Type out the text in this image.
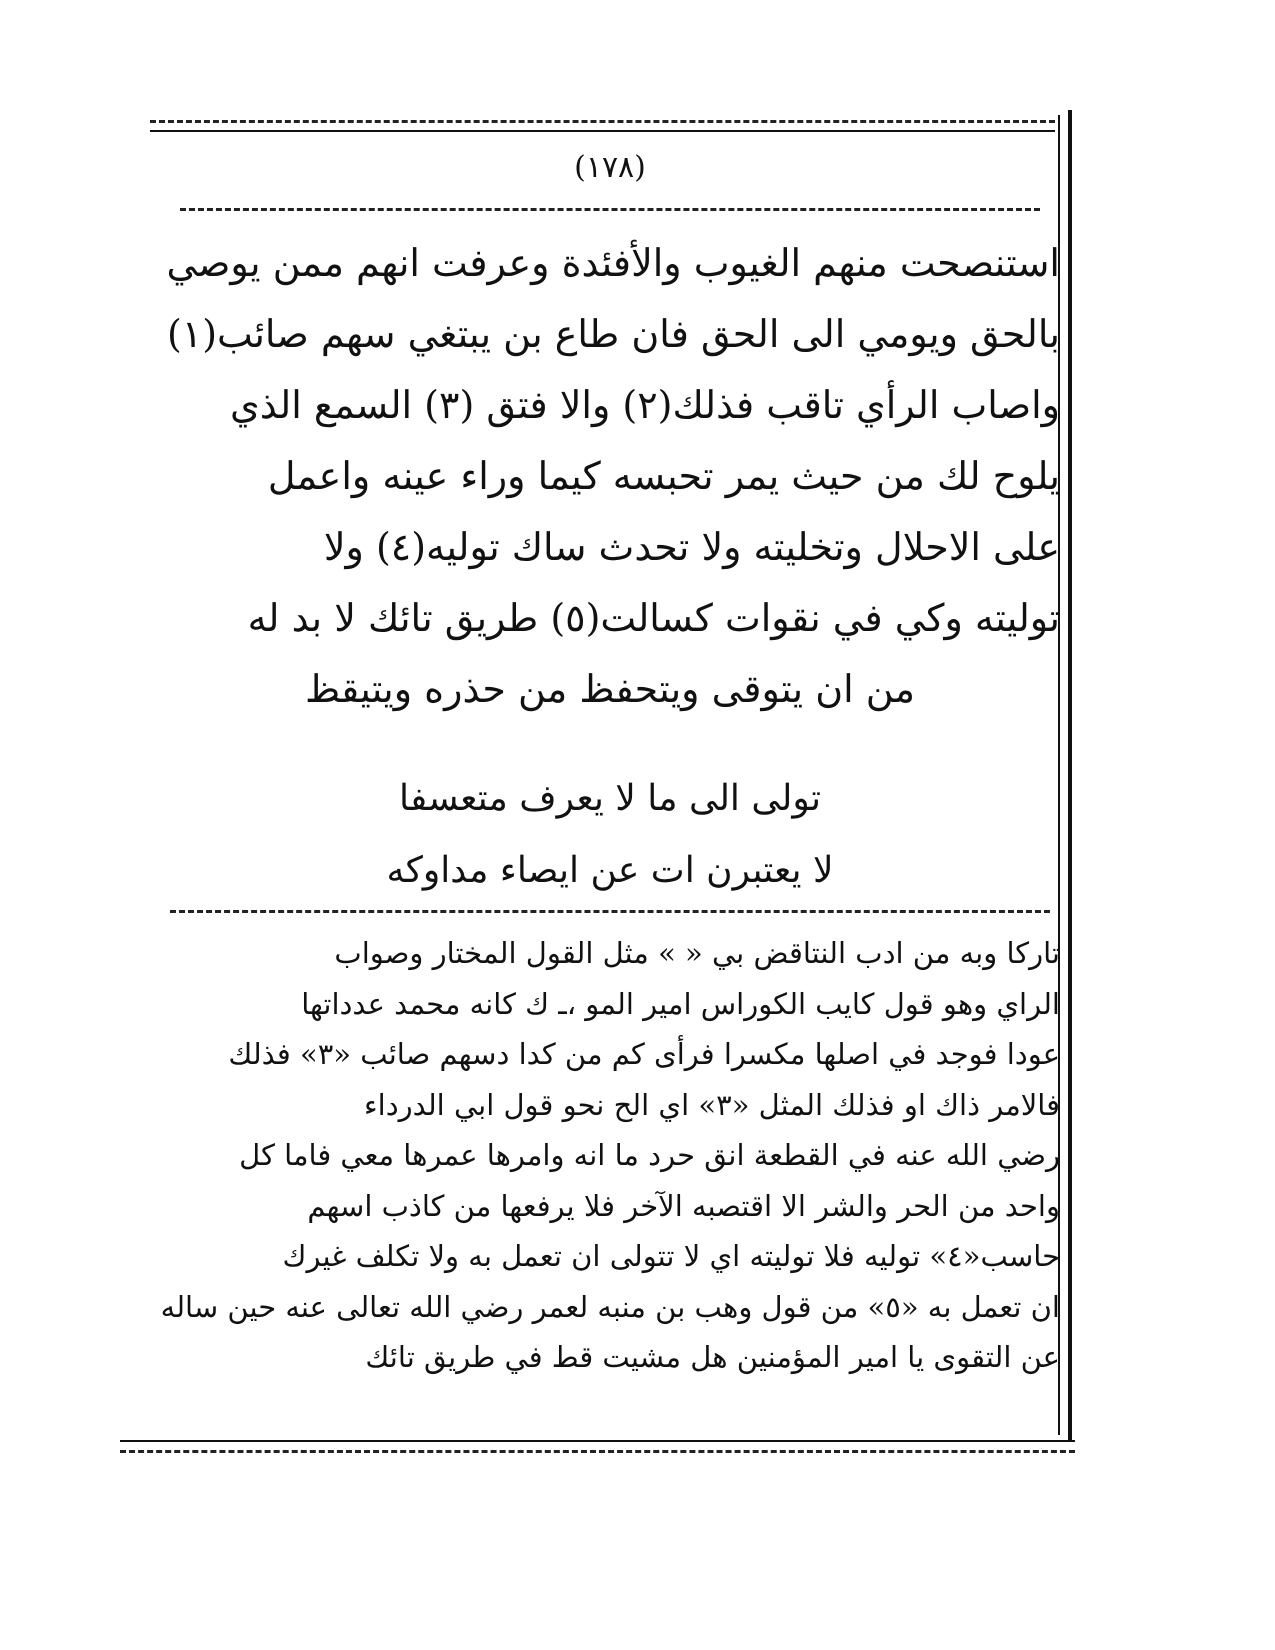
(١٧٨)

استنصحت منهم الغيوب والأفئدة وعرفت انهم ممن يوصي

بالحق ويومي الى الحق فان طاع بن يبتغي سهم صائب(١)

واصاب الرأي تاقب فذلك(٢) والا فتق (٣) السمع الذي

يلوح لك من حيث يمر تحبسه كيما وراء عينه واعمل

على الاحلال وتخليته ولا تحدث ساك توليه(٤) ولا

توليته وكي في نقوات كسالت(٥) طريق تائك لا بد له

من ان يتوقى ويتحفظ من حذره ويتيقظ

تولى الى ما لا يعرف متعسفا
لا يعتبرن ات عن ايصاء مداوكه

تاركا وبه من ادب النتاقض بي « » مثل القول المختار وصواب

الراي وهو قول كايب الكوراس امير المو ،ـ ك كانه محمد عدداتها

عودا فوجد في اصلها مكسرا فرأى كم من كدا دسهم صائب «٣» فذلك

فالامر ذاك او فذلك المثل «٣» اي الح نحو قول ابي الدرداء

رضي الله عنه في القطعة انق حرد ما انه وامرها عمرها معي فاما كل

واحد من الحر والشر الا اقتصبه الآخر فلا يرفعها من كاذب اسهم

حاسب«٤» توليه فلا توليته اي لا تتولى ان تعمل به ولا تكلف غيرك

ان تعمل به «٥» من قول وهب بن منبه لعمر رضي الله تعالى عنه حين ساله

عن التقوى يا امير المؤمنين هل مشيت قط في طريق تائك
